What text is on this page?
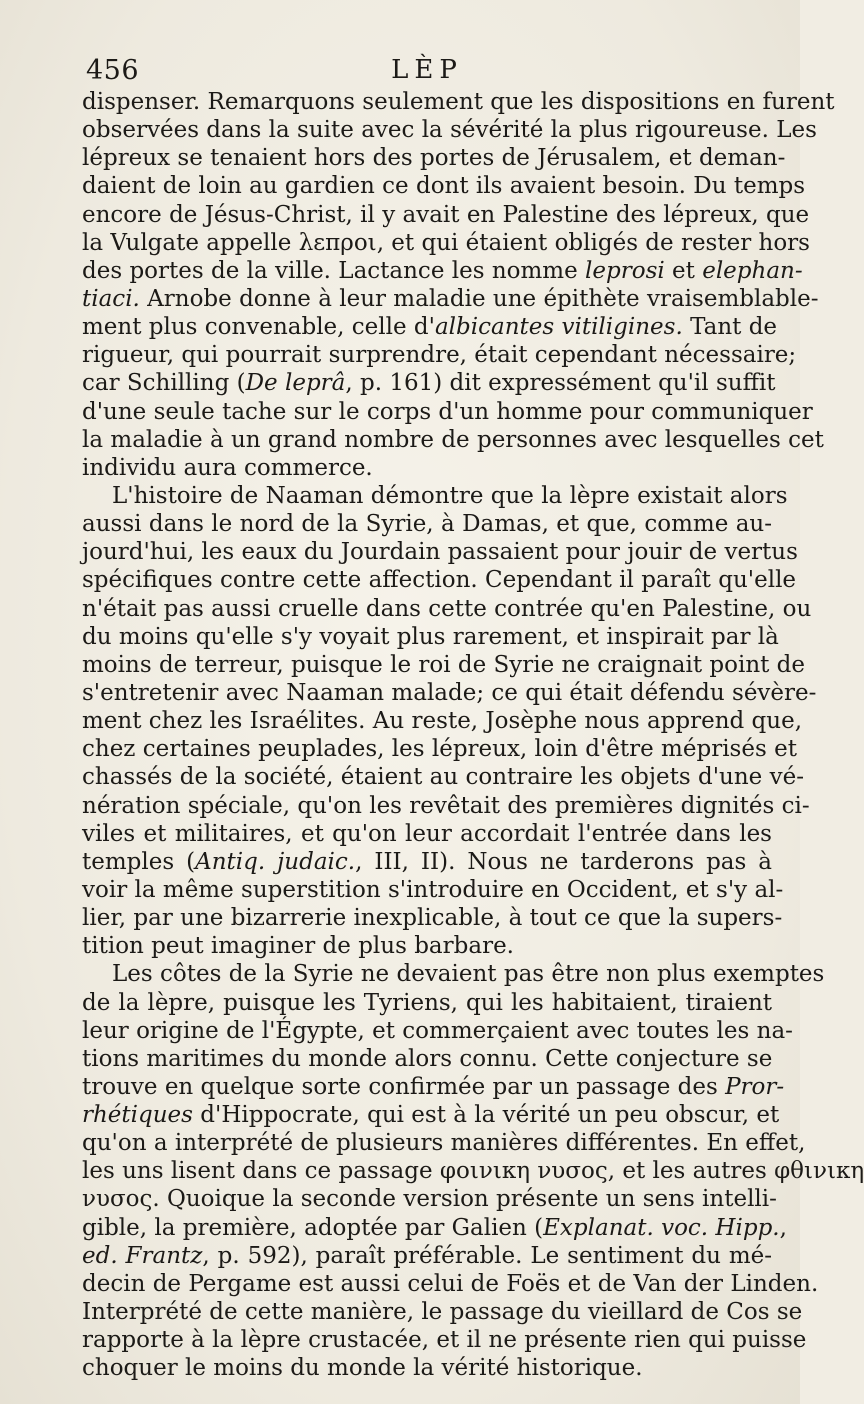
456	LÈP
dispenser. Remarquons seulement que les dispositions en furent
observées dans la suite avec la sévérité la plus rigoureuse. Les
lépreux se tenaient hors des portes de Jérusalem, et deman-
daient de loin au gardien ce dont ils avaient besoin. Du temps
encore de Jésus-Christ, il y avait en Palestine des lépreux, que
la Vulgate appelle λεπροι, et qui étaient obligés de rester hors
des portes de la ville. Lactance les nomme leprosi et elephan-
tiaci. Arnobe donne à leur maladie une épithète vraisemblable-
ment plus convenable, celle d'albicantes vitiligines. Tant de
rigueur, qui pourrait surprendre, était cependant nécessaire;
car Schilling (De leprâ, p. 161) dit expressément qu'il suffit
d'une seule tache sur le corps d'un homme pour communiquer
la maladie à un grand nombre de personnes avec lesquelles cet
individu aura commerce.
L'histoire de Naaman démontre que la lèpre existait alors
aussi dans le nord de la Syrie, à Damas, et que, comme au-
jourd'hui, les eaux du Jourdain passaient pour jouir de vertus
spécifiques contre cette affection. Cependant il paraît qu'elle
n'était pas aussi cruelle dans cette contrée qu'en Palestine, ou
du moins qu'elle s'y voyait plus rarement, et inspirait par là
moins de terreur, puisque le roi de Syrie ne craignait point de
s'entretenir avec Naaman malade; ce qui était défendu sévère-
ment chez les Israélites. Au reste, Josèphe nous apprend que,
chez certaines peuplades, les lépreux, loin d'être méprisés et
chassés de la société, étaient au contraire les objets d'une vé-
nération spéciale, qu'on les revêtait des premières dignités ci-
viles et militaires, et qu'on leur accordait l'entrée dans les
temples (Antiq. judaic., III, II). Nous ne tarderons pas à
voir la même superstition s'introduire en Occident, et s'y al-
lier, par une bizarrerie inexplicable, à tout ce que la supers-
tition peut imaginer de plus barbare.
Les côtes de la Syrie ne devaient pas être non plus exemptes
de la lèpre, puisque les Tyriens, qui les habitaient, tiraient
leur origine de l'Égypte, et commerçaient avec toutes les na-
tions maritimes du monde alors connu. Cette conjecture se
trouve en quelque sorte confirmée par un passage des Pror-
rhétiques d'Hippocrate, qui est à la vérité un peu obscur, et
qu'on a interprété de plusieurs manières différentes. En effet,
les uns lisent dans ce passage φοινικη νυσος, et les autres φθινικη
νυσος. Quoique la seconde version présente un sens intelli-
gible, la première, adoptée par Galien (Explanat. voc. Hipp.,
ed. Frantz, p. 592), paraît préférable. Le sentiment du mé-
decin de Pergame est aussi celui de Foës et de Van der Linden.
Interprété de cette manière, le passage du vieillard de Cos se
rapporte à la lèpre crustacée, et il ne présente rien qui puisse
choquer le moins du monde la vérité historique.
